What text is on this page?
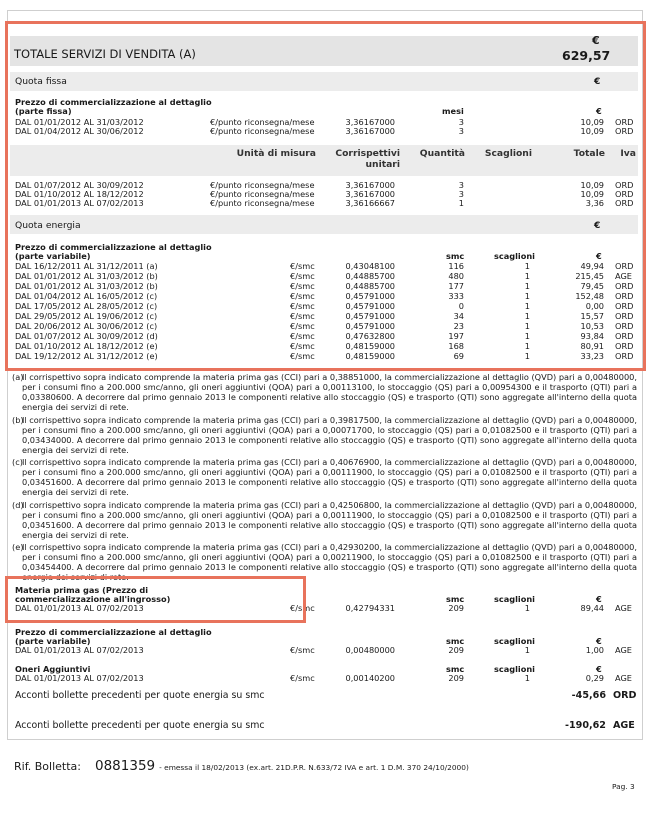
€
TOTALE SERVIZI DI VENDITA (A)	629,57
Quota fissa	€
Prezzo di commercializzazione al dettaglio
(parte fissa)	mesi	€
DAL 01/01/2012 AL 31/03/2012	€/punto riconsegna/mese	3,36167000	3	10,09 ORD
DAL 01/04/2012 AL 30/06/2012	€/punto riconsegna/mese	3,36167000	3	10,09 ORD
Unità di misura	Corrispettivi
unitari
Quantità	Scaglioni	Totale	Iva
DAL 01/07/2012 AL 30/09/2012	€/punto riconsegna/mese	3,36167000	3	10,09 ORD
DAL 01/10/2012 AL 18/12/2012	€/punto riconsegna/mese	3,36167000	3	10,09 ORD
DAL 01/01/2013 AL 07/02/2013	€/punto riconsegna/mese	3,36166667	1	3,36 ORD
Quota energia	€
Prezzo di commercializzazione al dettaglio
(parte variabile)	smc	scaglioni	€
DAL 16/12/2011 AL 31/12/2011 (a)	€/smc	0,43048100	116	1	49,94 ORD
DAL 01/01/2012 AL 31/03/2012 (b)	€/smc	0,44885700	480	1	215,45 AGE
DAL 01/01/2012 AL 31/03/2012 (b)	€/smc	0,44885700	177	1	79,45 ORD
DAL 01/04/2012 AL 16/05/2012 (c)	€/smc	0,45791000	333	1	152,48 ORD
DAL 17/05/2012 AL 28/05/2012 (c)	€/smc	0,45791000	0	1	0,00 ORD
DAL 29/05/2012 AL 19/06/2012 (c)	€/smc	0,45791000	34	1	15,57 ORD
DAL 20/06/2012 AL 30/06/2012 (c)	€/smc	0,45791000	23	1	10,53 ORD
DAL 01/07/2012 AL 30/09/2012 (d)	€/smc	0,47632800	197	1	93,84 ORD
DAL 01/10/2012 AL 18/12/2012 (e)	€/smc	0,48159000	168	1	80,91 ORD
DAL 19/12/2012 AL 31/12/2012 (e)	€/smc	0,48159000	69	1	33,23 ORD
(a)
Il corrispettivo sopra indicato comprende la materia prima gas (CCI) pari a 0,38851000, la commercializzazione al dettaglio (QVD) pari a 0,00480000, per i consumi fino a 200.000 smc/anno, gli oneri aggiuntivi (QOA) pari a 0,00113100, lo stoccaggio (QS) pari a 0,00954300 e il trasporto (QTI) pari a 0,03380600. A decorrere dal primo gennaio 2013 le componenti relative allo stoccaggio (QS) e trasporto (QTI) sono aggregate all'interno della quota energia dei servizi di rete.
(b)
Il corrispettivo sopra indicato comprende la materia prima gas (CCI) pari a 0,39817500, la commercializzazione al dettaglio (QVD) pari a 0,00480000, per i consumi fino a 200.000 smc/anno, gli oneri aggiuntivi (QOA) pari a 0,00071700, lo stoccaggio (QS) pari a 0,01082500 e il trasporto (QTI) pari a 0,03434000. A decorrere dal primo gennaio 2013 le componenti relative allo stoccaggio (QS) e trasporto (QTI) sono aggregate all'interno della quota energia dei servizi di rete.
(c) Il corrispettivo sopra indicato comprende la materia prima gas (CCI) pari a 0,40676900, la commercializzazione al dettaglio (QVD) pari a 0,00480000, per i consumi fino a 200.000 smc/anno, gli oneri aggiuntivi (QOA) pari a 0,00111900, lo stoccaggio (QS) pari a 0,01082500 e il trasporto (QTI) pari a 0,03451600. A decorrere dal primo gennaio 2013 le componenti relative allo stoccaggio (QS) e trasporto (QTI) sono aggregate all'interno della quota energia dei servizi di rete.
(d)
Il corrispettivo sopra indicato comprende la materia prima gas (CCI) pari a 0,42506800, la commercializzazione al dettaglio (QVD) pari a 0,00480000, per i consumi fino a 200.000 smc/anno, gli oneri aggiuntivi (QOA) pari a 0,00111900, lo stoccaggio (QS) pari a 0,01082500 e il trasporto (QTI) pari a 0,03451600. A decorrere dal primo gennaio 2013 le componenti relative allo stoccaggio (QS) e trasporto (QTI) sono aggregate all'interno della quota energia dei servizi di rete.
(e)
Il corrispettivo sopra indicato comprende la materia prima gas (CCI) pari a 0,42930200, la commercializzazione al dettaglio (QVD) pari a 0,00480000, per i consumi fino a 200.000 smc/anno, gli oneri aggiuntivi (QOA) pari a 0,00211900, lo stoccaggio (QS) pari a 0,01082500 e il trasporto (QTI) pari a 0,03454400. A decorrere dal primo gennaio 2013 le componenti relative allo stoccaggio (QS) e trasporto (QTI) sono aggregate all'interno della quota energia dei servizi di rete.
Materia prima gas (Prezzo di
commercializzazione all'ingrosso)	smc	scaglioni	€
DAL 01/01/2013 AL 07/02/2013	€/smc	0,42794331	209	1	89,44 AGE
Prezzo di commercializzazione al dettaglio
(parte variabile)	smc	scaglioni	€
DAL 01/01/2013 AL 07/02/2013	€/smc	0,00480000	209	1	1,00 AGE
Oneri Aggiuntivi	smc	scaglioni	€
DAL 01/01/2013 AL 07/02/2013	€/smc	0,00140200	209	1	0,29 AGE
Acconti bollette precedenti per quote energia su smc	-45,66 ORD
Acconti bollette precedenti per quote energia su smc	-190,62 AGE
Rif. Bolletta: 0881359 - emessa il 18/02/2013 (ex.art. 21D.P.R. N.633/72 IVA e art. 1 D.M. 370 24/10/2000)
Pag. 3
